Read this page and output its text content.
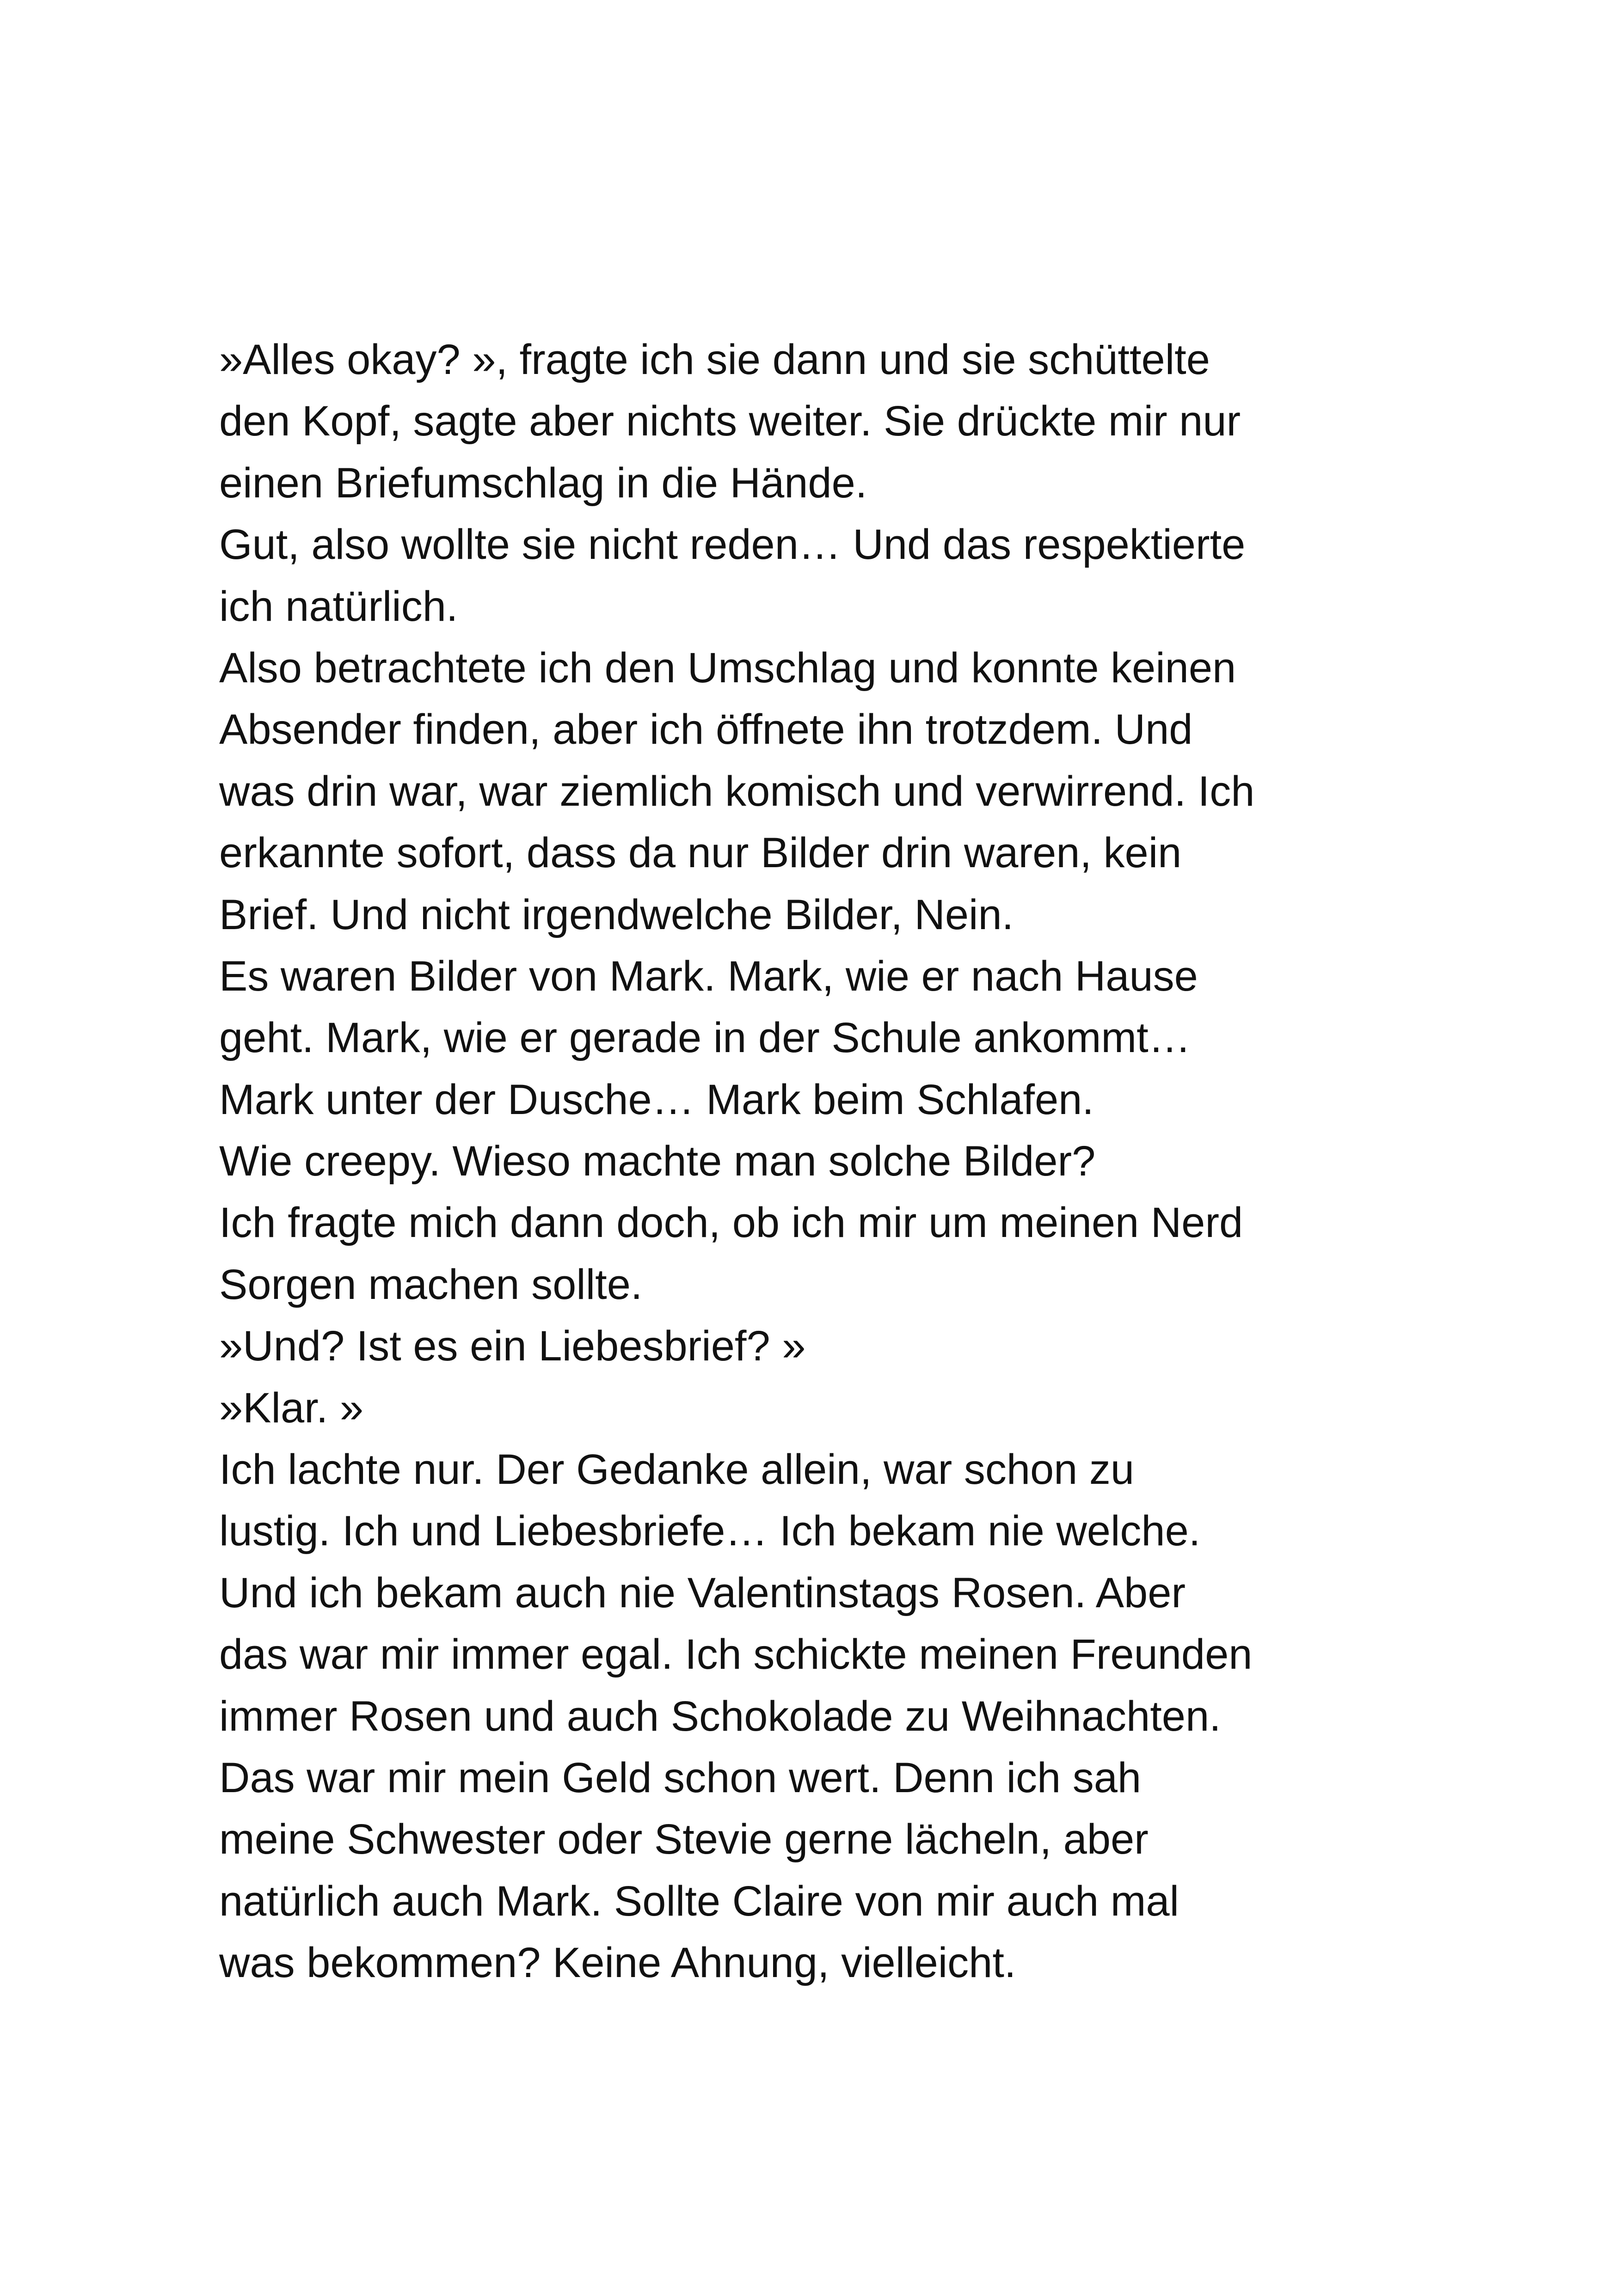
»Alles okay? », fragte ich sie dann und sie schüttelte
den Kopf, sagte aber nichts weiter. Sie drückte mir nur
einen Briefumschlag in die Hände.
Gut, also wollte sie nicht reden… Und das respektierte
ich natürlich.
Also betrachtete ich den Umschlag und konnte keinen
Absender finden, aber ich öffnete ihn trotzdem. Und
was drin war, war ziemlich komisch und verwirrend. Ich
erkannte sofort, dass da nur Bilder drin waren, kein
Brief. Und nicht irgendwelche Bilder, Nein.
Es waren Bilder von Mark. Mark, wie er nach Hause
geht. Mark, wie er gerade in der Schule ankommt…
Mark unter der Dusche… Mark beim Schlafen.
Wie creepy. Wieso machte man solche Bilder?
Ich fragte mich dann doch, ob ich mir um meinen Nerd
Sorgen machen sollte.
»Und? Ist es ein Liebesbrief? »
»Klar. »
Ich lachte nur. Der Gedanke allein, war schon zu
lustig. Ich und Liebesbriefe… Ich bekam nie welche.
Und ich bekam auch nie Valentinstags Rosen. Aber
das war mir immer egal. Ich schickte meinen Freunden
immer Rosen und auch Schokolade zu Weihnachten.
Das war mir mein Geld schon wert. Denn ich sah
meine Schwester oder Stevie gerne lächeln, aber
natürlich auch Mark. Sollte Claire von mir auch mal
was bekommen? Keine Ahnung, vielleicht.
